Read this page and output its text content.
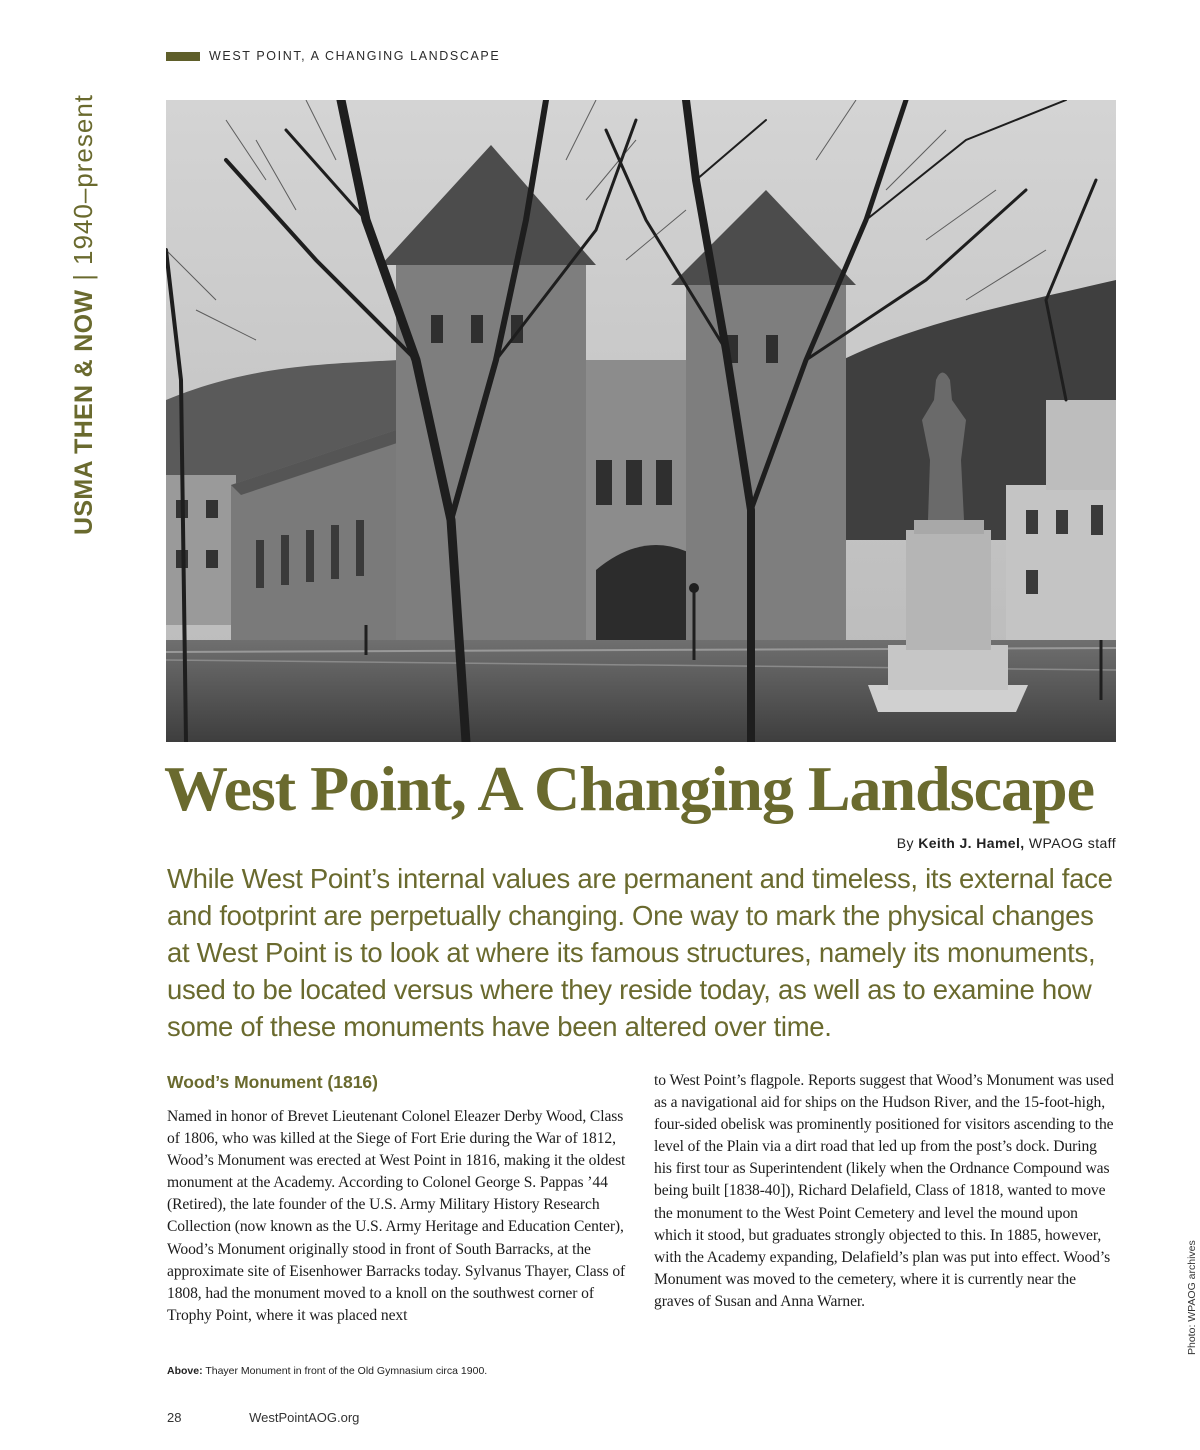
WEST POINT, A CHANGING LANDSCAPE
USMA THEN & NOW
|
1940–present
West Point, A Changing Landscape
By Keith J. Hamel, WPAOG staff

While West Point’s internal values are permanent and timeless, its external face and footprint are perpetually changing. One way to mark the physical changes at West Point is to look at where its famous structures, namely its monuments, used to be located versus where they reside today, as well as to examine how some of these monuments have been altered over time.

Wood’s Monument (1816)

Named in honor of Brevet Lieutenant Colonel Eleazer Derby Wood, Class of 1806, who was killed at the Siege of Fort Erie during the War of 1812, Wood’s Monument was erected at West Point in 1816, making it the oldest monument at the Academy. According to Colonel George S. Pappas ’44 (Retired), the late founder of the U.S. Army Military History Research Collection (now known as the U.S. Army Heritage and Education Center), Wood’s Monument originally stood in front of South Barracks, at the approximate site of Eisenhower Barracks today. Sylvanus Thayer, Class of 1808, had the monument moved to a knoll on the southwest corner of Trophy Point, where it was placed next

to West Point’s flagpole. Reports suggest that Wood’s Monument was used as a navigational aid for ships on the Hudson River, and the 15-foot-high, four-sided obelisk was prominently positioned for visitors ascending to the level of the Plain via a dirt road that led up from the post’s dock. During his first tour as Superintendent (likely when the Ordnance Compound was being built [1838-40]), Richard Delafield, Class of 1818, wanted to move the monument to the West Point Cemetery and level the mound upon which it stood, but graduates strongly objected to this. In 1885, however, with the Academy expanding, Delafield’s plan was put into effect. Wood’s Monument was moved to the cemetery, where it is currently near the graves of Susan and Anna Warner.

Above: Thayer Monument in front of the Old Gymnasium circa 1900.
Photo: WPAOG archives
28	WestPointAOG.org
